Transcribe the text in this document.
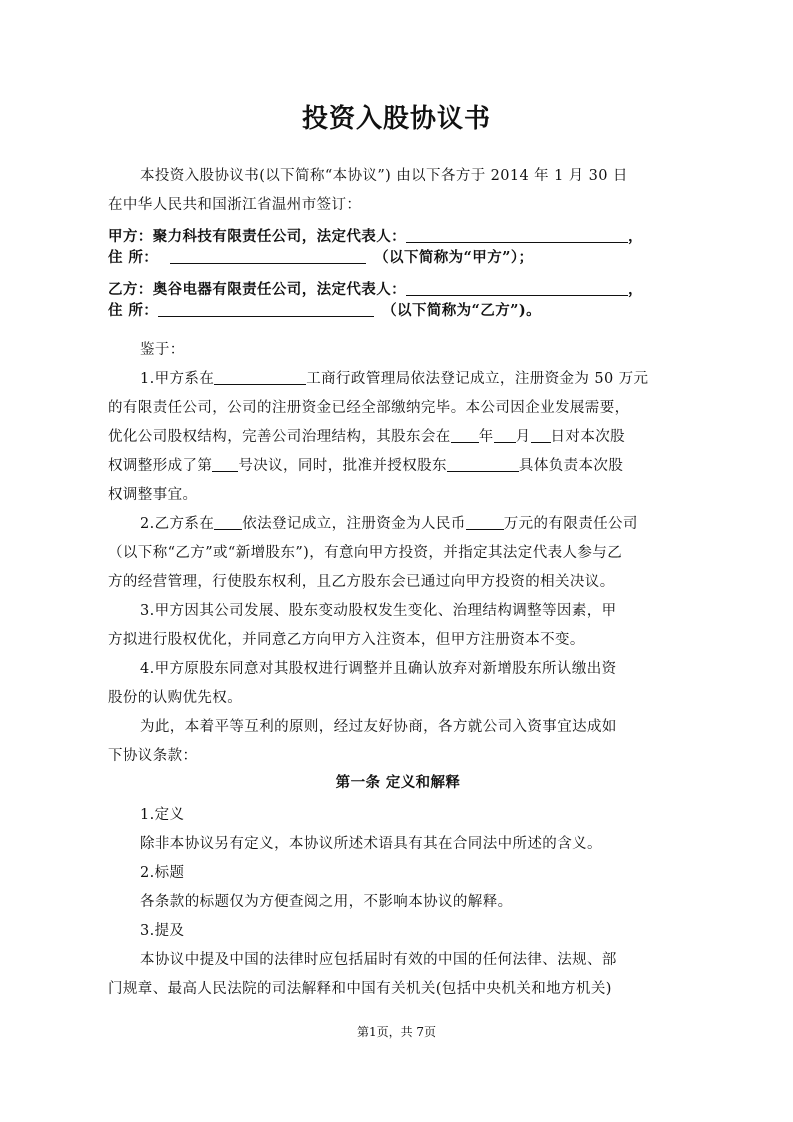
投资入股协议书
本投资入股协议书(以下简称“本协议”) 由以下各方于 2014 年 1 月 30 日
在中华人民共和国浙江省温州市签订：
甲方：聚力科技有限责任公司，法定代表人：	，
住 所：	（以下简称为“甲方”）；
乙方：奥谷电器有限责任公司，法定代表人：	，
住 所：	（以下简称为“乙方”)。
鉴于：
1.甲方系在	工商行政管理局依法登记成立，注册资金为 50 万元
的有限责任公司，公司的注册资金已经全部缴纳完毕。本公司因企业发展需要，
优化公司股权结构，完善公司治理结构，其股东会在 年 月 日对本次股
权调整形成了第 号决议，同时，批准并授权股东	具体负责本次股
权调整事宜。
2.乙方系在 依法登记成立，注册资金为人民币	万元的有限责任公司
（以下称“乙方”或“新增股东”)，有意向甲方投资，并指定其法定代表人参与乙
方的经营管理，行使股东权利，且乙方股东会已通过向甲方投资的相关决议。
3.甲方因其公司发展、股东变动股权发生变化、治理结构调整等因素，甲
方拟进行股权优化，并同意乙方向甲方入注资本，但甲方注册资本不变。
4.甲方原股东同意对其股权进行调整并且确认放弃对新增股东所认缴出资
股份的认购优先权。
为此，本着平等互利的原则，经过友好协商，各方就公司入资事宜达成如
下协议条款：
第一条 定义和解释
1.定义
除非本协议另有定义，本协议所述术语具有其在合同法中所述的含义。
2.标题
各条款的标题仅为方便查阅之用，不影响本协议的解释。
3.提及
本协议中提及中国的法律时应包括届时有效的中国的任何法律、法规、部
门规章、最高人民法院的司法解释和中国有关机关(包括中央机关和地方机关)
第1页，共 7页
